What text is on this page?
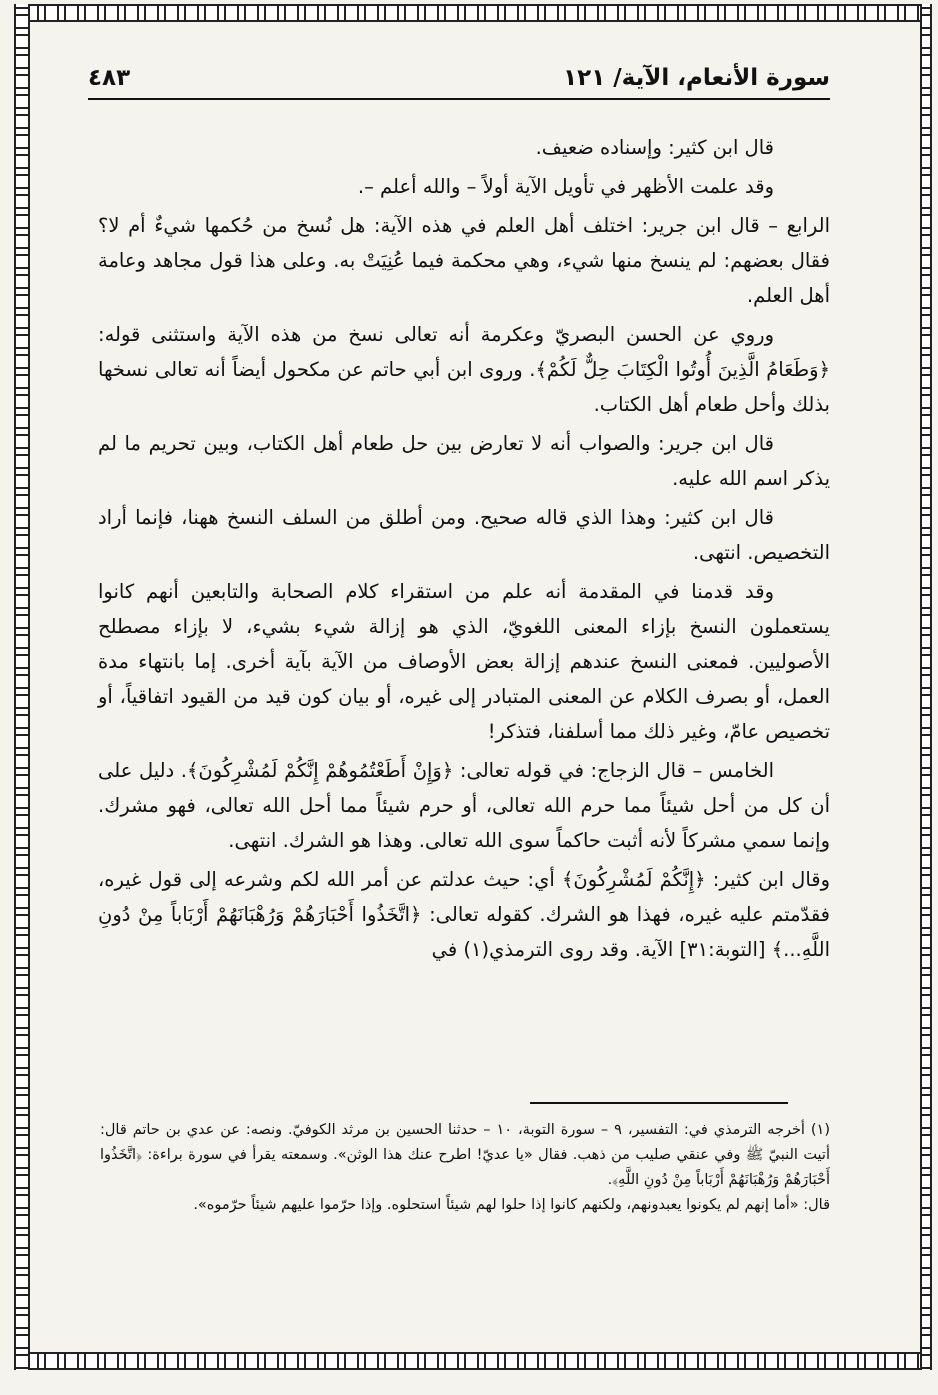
سورة الأنعام، الآية/ ١٢١
٤٨٣

قال ابن كثير: وإسناده ضعيف.

وقد علمت الأظهر في تأويل الآية أولاً – والله أعلم –.

الرابع – قال ابن جرير: اختلف أهل العلم في هذه الآية: هل نُسخ من حُكمها شيءٌ أم لا؟ فقال بعضهم: لم ينسخ منها شيء، وهي محكمة فيما عُنِيَتْ به. وعلى هذا قول مجاهد وعامة أهل العلم.

وروي عن الحسن البصريّ وعكرمة أنه تعالى نسخ من هذه الآية واستثنى قوله: ﴿وَطَعَامُ الَّذِينَ أُوتُوا الْكِتَابَ حِلٌّ لَكُمْ﴾. وروى ابن أبي حاتم عن مكحول أيضاً أنه تعالى نسخها بذلك وأحل طعام أهل الكتاب.

قال ابن جرير: والصواب أنه لا تعارض بين حل طعام أهل الكتاب، وبين تحريم ما لم يذكر اسم الله عليه.

قال ابن كثير: وهذا الذي قاله صحيح. ومن أطلق من السلف النسخ ههنا، فإنما أراد التخصيص. انتهى.

وقد قدمنا في المقدمة أنه علم من استقراء كلام الصحابة والتابعين أنهم كانوا يستعملون النسخ بإزاء المعنى اللغويّ، الذي هو إزالة شيء بشيء، لا بإزاء مصطلح الأصوليين. فمعنى النسخ عندهم إزالة بعض الأوصاف من الآية بآية أخرى. إما بانتهاء مدة العمل، أو بصرف الكلام عن المعنى المتبادر إلى غيره، أو بيان كون قيد من القيود اتفاقياً، أو تخصيص عامّ، وغير ذلك مما أسلفنا، فتذكر!

الخامس – قال الزجاج: في قوله تعالى: ﴿وَإِنْ أَطَعْتُمُوهُمْ إِنَّكُمْ لَمُشْرِكُونَ﴾. دليل على أن كل من أحل شيئاً مما حرم الله تعالى، أو حرم شيئاً مما أحل الله تعالى، فهو مشرك. وإنما سمي مشركاً لأنه أثبت حاكماً سوى الله تعالى. وهذا هو الشرك. انتهى.

وقال ابن كثير: ﴿إِنَّكُمْ لَمُشْرِكُونَ﴾ أي: حيث عدلتم عن أمر الله لكم وشرعه إلى قول غيره، فقدّمتم عليه غيره، فهذا هو الشرك. كقوله تعالى: ﴿اتَّخَذُوا أَحْبَارَهُمْ وَرُهْبَانَهُمْ أَرْبَاباً مِنْ دُونِ اللَّهِ...﴾ [التوبة:٣١] الآية. وقد روى الترمذي(١) في

(١) أخرجه الترمذي في: التفسير، ٩ – سورة التوبة، ١٠ – حدثنا الحسين بن مرثد الكوفيّ. ونصه: عن عدي بن حاتم قال: أتيت النبيّ ﷺ وفي عنقي صليب من ذهب. فقال «يا عديّ! اطرح عنك هذا الوثن». وسمعته يقرأ في سورة براءة: ﴿اتَّخَذُوا أَحْبَارَهُمْ وَرُهْبَانَهُمْ أَرْبَاباً مِنْ دُونِ اللَّهِ﴾.

قال: «أما إنهم لم يكونوا يعبدونهم، ولكنهم كانوا إذا حلوا لهم شيئاً استحلوه. وإذا حرّموا عليهم شيئاً حرّموه».
